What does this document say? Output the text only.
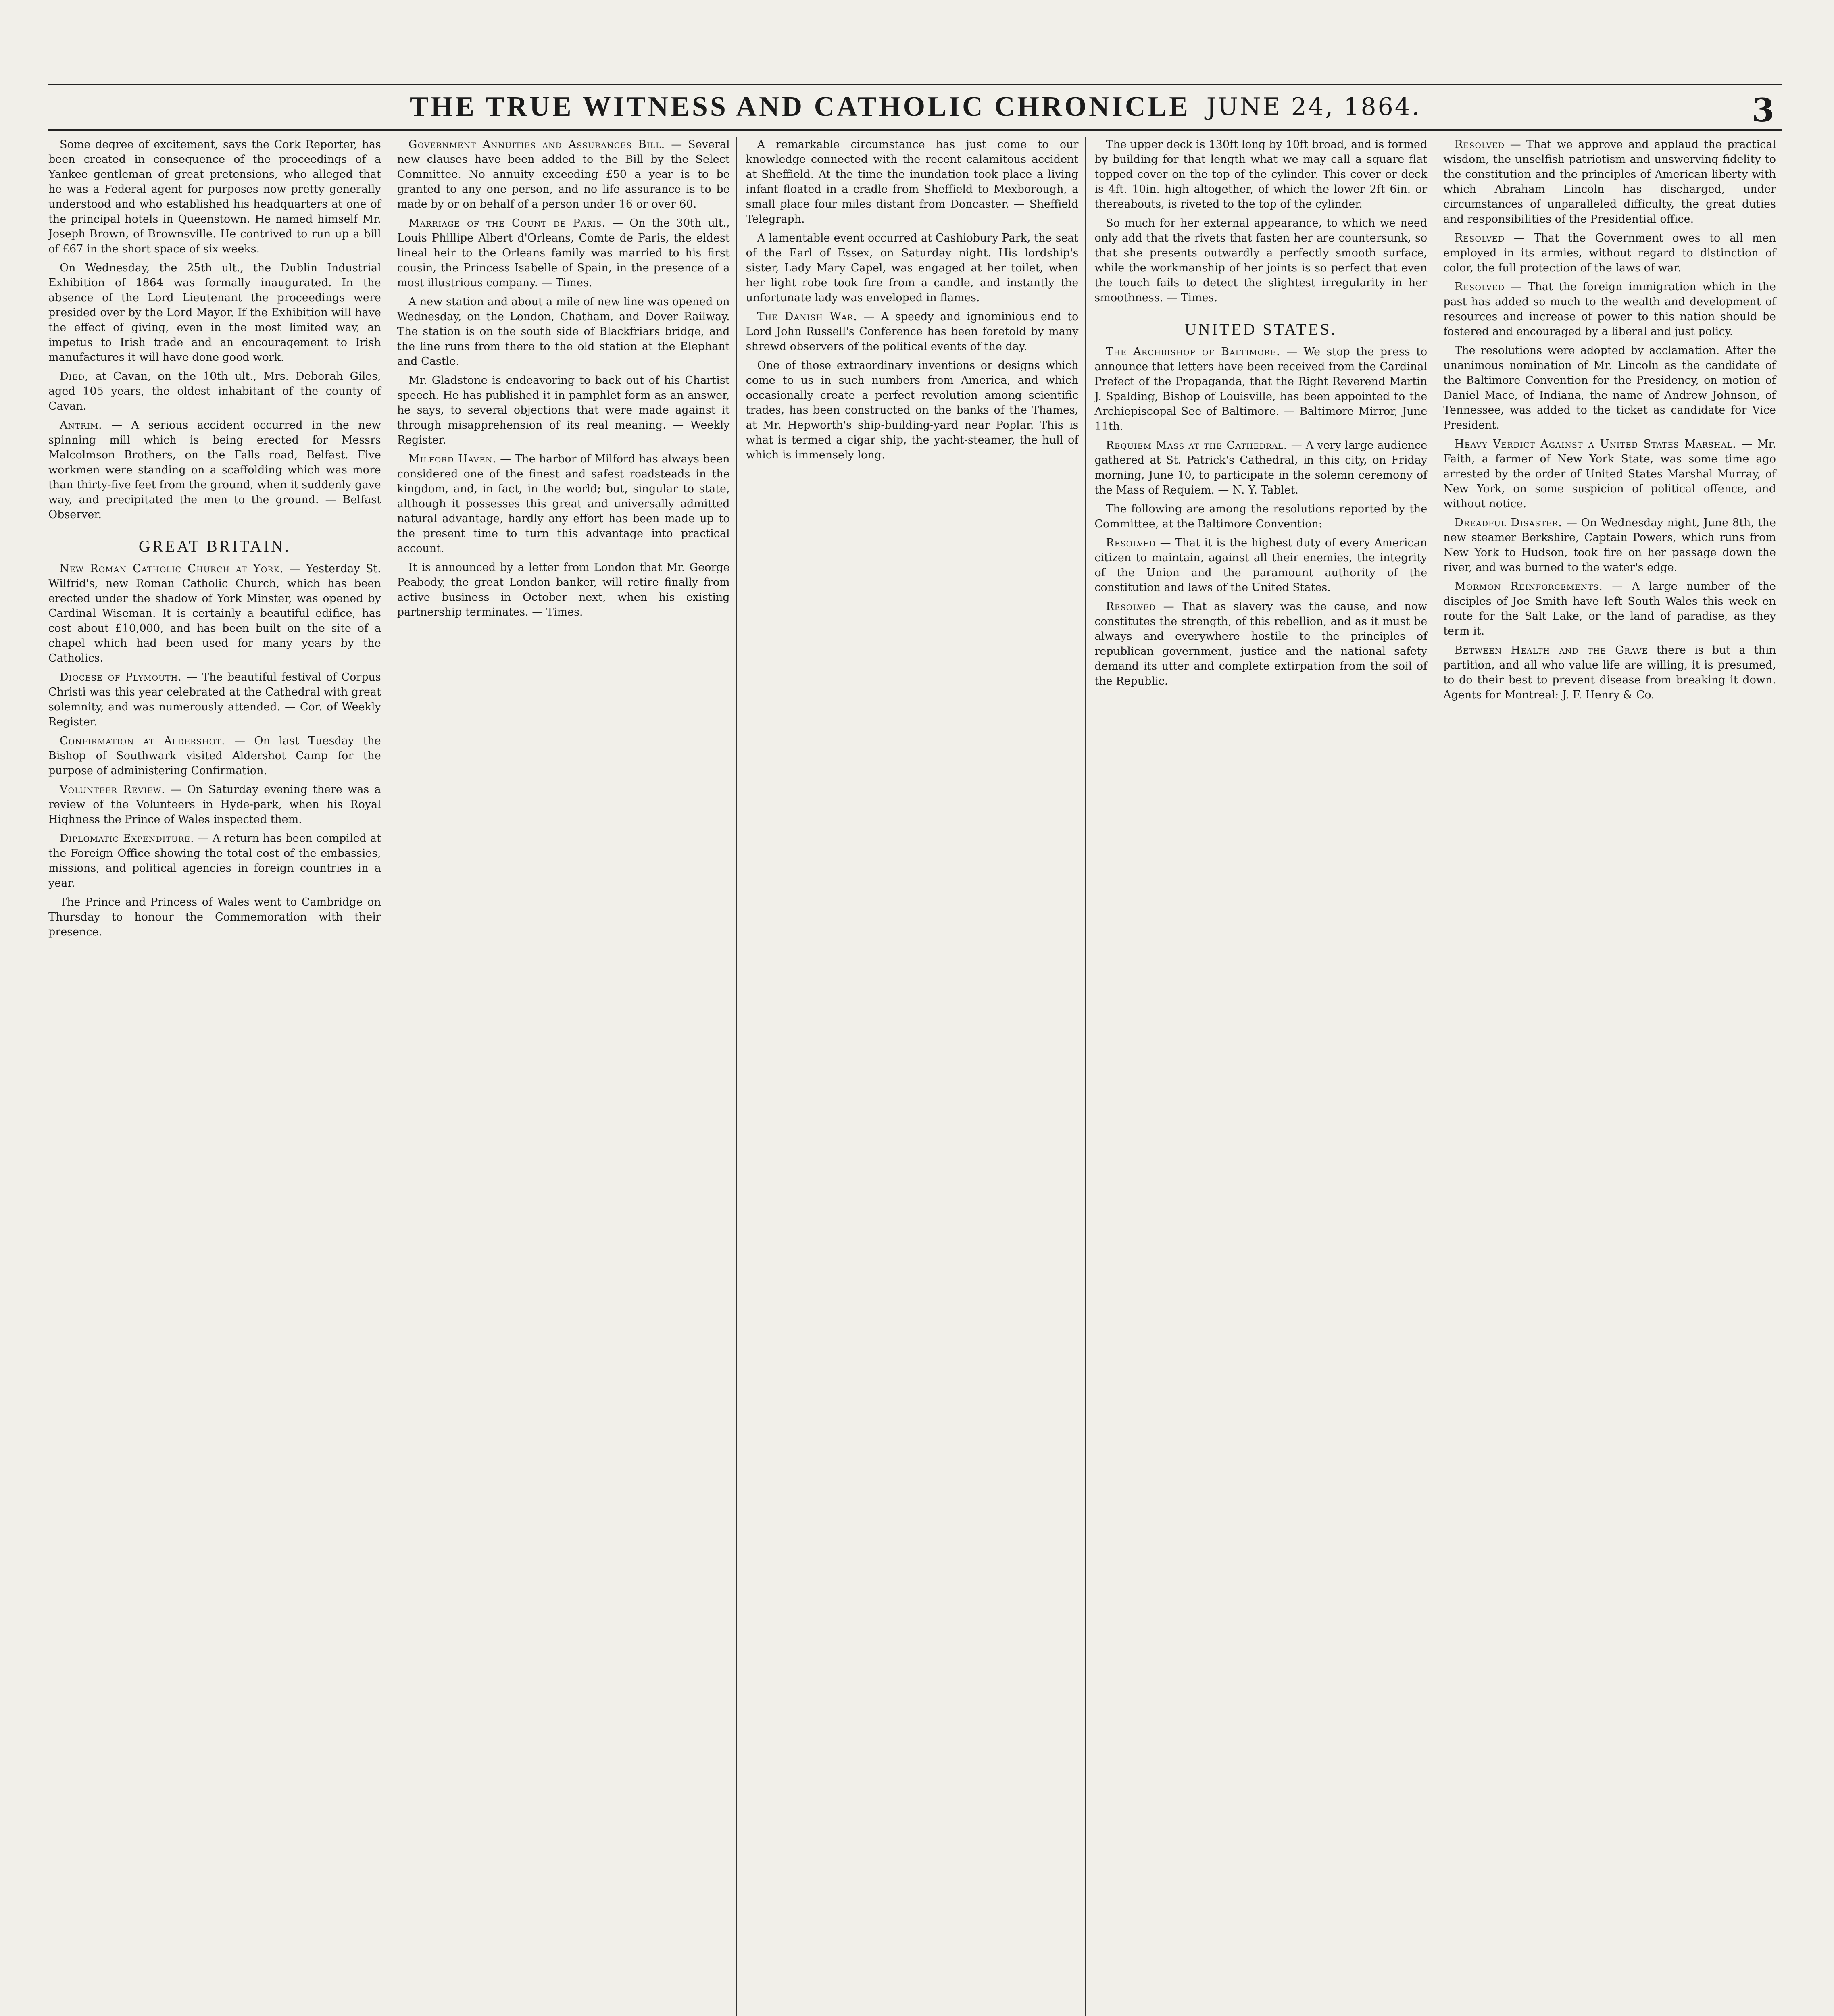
THE TRUE WITNESS AND CATHOLIC CHRONICLE JUNE 24, 1864.	3

Some degree of excitement, says the Cork Reporter, has been created in consequence of the proceedings of a Yankee gentleman of great pretensions, who alleged that he was a Federal agent for purposes now pretty generally understood and who established his headquarters at one of the principal hotels in Queenstown. He named himself Mr. Joseph Brown, of Brownsville. He contrived to run up a bill of £67 in the short space of six weeks.

On Wednesday, the 25th ult., the Dublin Industrial Exhibition of 1864 was formally inaugurated. In the absence of the Lord Lieutenant the proceedings were presided over by the Lord Mayor. If the Exhibition will have the effect of giving, even in the most limited way, an impetus to Irish trade and an encouragement to Irish manufactures it will have done good work.

Died, at Cavan, on the 10th ult., Mrs. Deborah Giles, aged 105 years, the oldest inhabitant of the county of Cavan.

Antrim. — A serious accident occurred in the new spinning mill which is being erected for Messrs Malcolmson Brothers, on the Falls road, Belfast. Five workmen were standing on a scaffolding which was more than thirty-five feet from the ground, when it suddenly gave way, and precipitated the men to the ground. — Belfast Observer.

GREAT BRITAIN.

New Roman Catholic Church at York. — Yesterday St. Wilfrid's, new Roman Catholic Church, which has been erected under the shadow of York Minster, was opened by Cardinal Wiseman. It is certainly a beautiful edifice, has cost about £10,000, and has been built on the site of a chapel which had been used for many years by the Catholics.

Diocese of Plymouth. — The beautiful festival of Corpus Christi was this year celebrated at the Cathedral with great solemnity, and was numerously attended. — Cor. of Weekly Register.

Confirmation at Aldershot. — On last Tuesday the Bishop of Southwark visited Aldershot Camp for the purpose of administering Confirmation.

Volunteer Review. — On Saturday evening there was a review of the Volunteers in Hyde-park, when his Royal Highness the Prince of Wales inspected them.

Diplomatic Expenditure. — A return has been compiled at the Foreign Office showing the total cost of the embassies, missions, and political agencies in foreign countries in a year.

The Prince and Princess of Wales went to Cambridge on Thursday to honour the Commemoration with their presence.

Government Annuities and Assurances Bill. — Several new clauses have been added to the Bill by the Select Committee. No annuity exceeding £50 a year is to be granted to any one person, and no life assurance is to be made by or on behalf of a person under 16 or over 60.

Marriage of the Count de Paris. — On the 30th ult., Louis Phillipe Albert d'Orleans, Comte de Paris, the eldest lineal heir to the Orleans family was married to his first cousin, the Princess Isabelle of Spain, in the presence of a most illustrious company. — Times.

A new station and about a mile of new line was opened on Wednesday, on the London, Chatham, and Dover Railway. The station is on the south side of Blackfriars bridge, and the line runs from there to the old station at the Elephant and Castle.

Mr. Gladstone is endeavoring to back out of his Chartist speech. He has published it in pamphlet form as an answer, he says, to several objections that were made against it through misapprehension of its real meaning. — Weekly Register.

Milford Haven. — The harbor of Milford has always been considered one of the finest and safest roadsteads in the kingdom, and, in fact, in the world; but, singular to state, although it possesses this great and universally admitted natural advantage, hardly any effort has been made up to the present time to turn this advantage into practical account.

It is announced by a letter from London that Mr. George Peabody, the great London banker, will retire finally from active business in October next, when his existing partnership terminates. — Times.

A remarkable circumstance has just come to our knowledge connected with the recent calamitous accident at Sheffield. At the time the inundation took place a living infant floated in a cradle from Sheffield to Mexborough, a small place four miles distant from Doncaster. — Sheffield Telegraph.

A lamentable event occurred at Cashiobury Park, the seat of the Earl of Essex, on Saturday night. His lordship's sister, Lady Mary Capel, was engaged at her toilet, when her light robe took fire from a candle, and instantly the unfortunate lady was enveloped in flames.

The Danish War. — A speedy and ignominious end to Lord John Russell's Conference has been foretold by many shrewd observers of the political events of the day.

One of those extraordinary inventions or designs which come to us in such numbers from America, and which occasionally create a perfect revolution among scientific trades, has been constructed on the banks of the Thames, at Mr. Hepworth's ship-building-yard near Poplar. This is what is termed a cigar ship, the yacht-steamer, the hull of which is immensely long.

The upper deck is 130ft long by 10ft broad, and is formed by building for that length what we may call a square flat topped cover on the top of the cylinder. This cover or deck is 4ft. 10in. high altogether, of which the lower 2ft 6in. or thereabouts, is riveted to the top of the cylinder.

So much for her external appearance, to which we need only add that the rivets that fasten her are countersunk, so that she presents outwardly a perfectly smooth surface, while the workmanship of her joints is so perfect that even the touch fails to detect the slightest irregularity in her smoothness. — Times.

UNITED STATES.

The Archbishop of Baltimore. — We stop the press to announce that letters have been received from the Cardinal Prefect of the Propaganda, that the Right Reverend Martin J. Spalding, Bishop of Louisville, has been appointed to the Archiepiscopal See of Baltimore. — Baltimore Mirror, June 11th.

Requiem Mass at the Cathedral. — A very large audience gathered at St. Patrick's Cathedral, in this city, on Friday morning, June 10, to participate in the solemn ceremony of the Mass of Requiem. — N. Y. Tablet.

The following are among the resolutions reported by the Committee, at the Baltimore Convention:

Resolved — That it is the highest duty of every American citizen to maintain, against all their enemies, the integrity of the Union and the paramount authority of the constitution and laws of the United States.

Resolved — That as slavery was the cause, and now constitutes the strength, of this rebellion, and as it must be always and everywhere hostile to the principles of republican government, justice and the national safety demand its utter and complete extirpation from the soil of the Republic.

Resolved — That we approve and applaud the practical wisdom, the unselfish patriotism and unswerving fidelity to the constitution and the principles of American liberty with which Abraham Lincoln has discharged, under circumstances of unparalleled difficulty, the great duties and responsibilities of the Presidential office.

Resolved — That the Government owes to all men employed in its armies, without regard to distinction of color, the full protection of the laws of war.

Resolved — That the foreign immigration which in the past has added so much to the wealth and development of resources and increase of power to this nation should be fostered and encouraged by a liberal and just policy.

The resolutions were adopted by acclamation. After the unanimous nomination of Mr. Lincoln as the candidate of the Baltimore Convention for the Presidency, on motion of Daniel Mace, of Indiana, the name of Andrew Johnson, of Tennessee, was added to the ticket as candidate for Vice President.

Heavy Verdict Against a United States Marshal. — Mr. Faith, a farmer of New York State, was some time ago arrested by the order of United States Marshal Murray, of New York, on some suspicion of political offence, and without notice.

Dreadful Disaster. — On Wednesday night, June 8th, the new steamer Berkshire, Captain Powers, which runs from New York to Hudson, took fire on her passage down the river, and was burned to the water's edge.

Mormon Reinforcements. — A large number of the disciples of Joe Smith have left South Wales this week en route for the Salt Lake, or the land of paradise, as they term it.

Between Health and the Grave there is but a thin partition, and all who value life are willing, it is presumed, to do their best to prevent disease from breaking it down. Agents for Montreal: J. F. Henry & Co.
